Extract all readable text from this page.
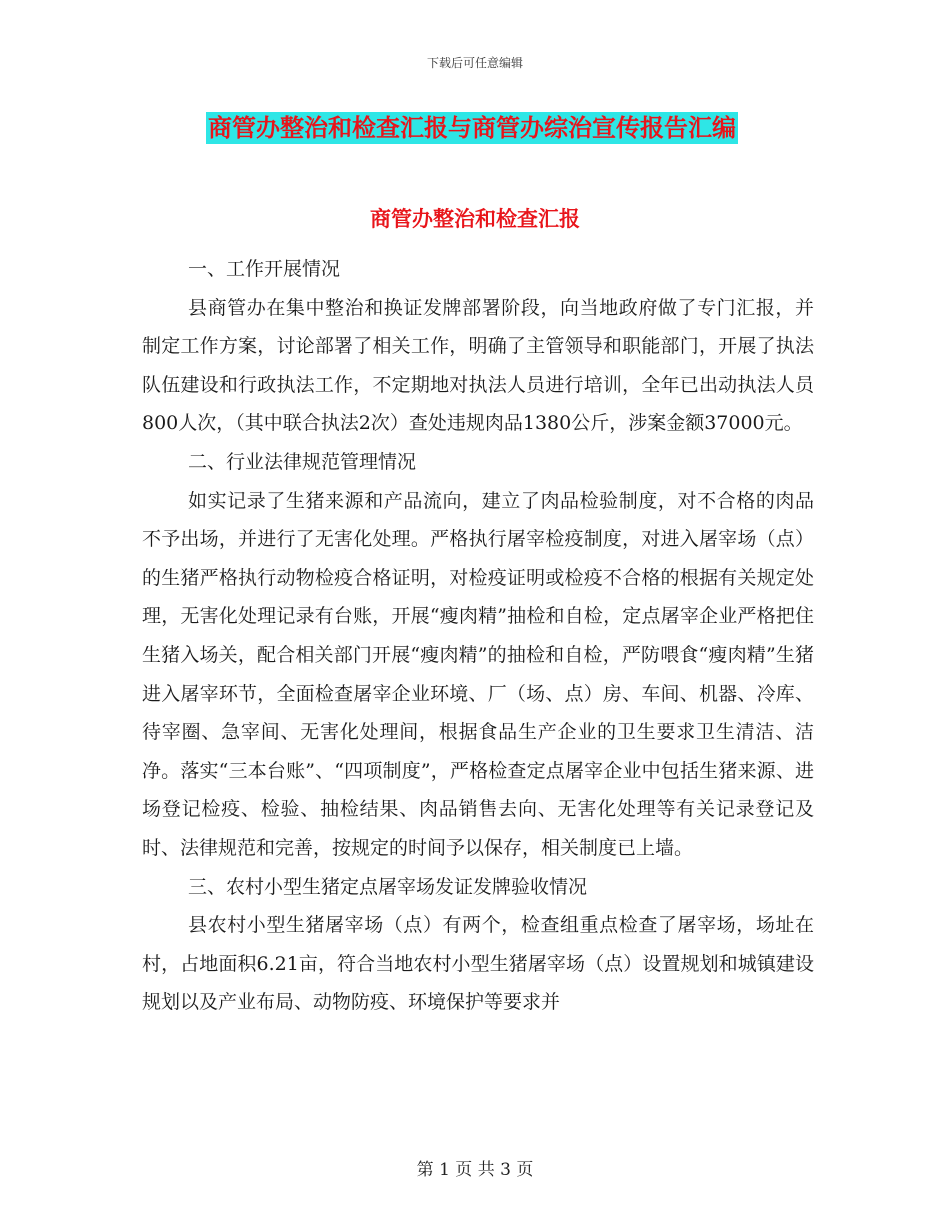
下载后可任意编辑
商管办整治和检查汇报与商管办综治宣传报告汇编
商管办整治和检查汇报

一、工作开展情况

县商管办在集中整治和换证发牌部署阶段，向当地政府做了专门汇报，并制定工作方案，讨论部署了相关工作，明确了主管领导和职能部门，开展了执法队伍建设和行政执法工作，不定期地对执法人员进行培训，全年已出动执法人员800人次，（其中联合执法2次）查处违规肉品1380公斤，涉案金额37000元。

二、行业法律规范管理情况

如实记录了生猪来源和产品流向，建立了肉品检验制度，对不合格的肉品不予出场，并进行了无害化处理。严格执行屠宰检疫制度，对进入屠宰场（点）的生猪严格执行动物检疫合格证明，对检疫证明或检疫不合格的根据有关规定处理，无害化处理记录有台账，开展“瘦肉精”抽检和自检，定点屠宰企业严格把住生猪入场关，配合相关部门开展“瘦肉精”的抽检和自检，严防喂食“瘦肉精”生猪进入屠宰环节，全面检查屠宰企业环境、厂（场、点）房、车间、机器、冷库、待宰圈、急宰间、无害化处理间，根据食品生产企业的卫生要求卫生清洁、洁净。落实“三本台账”、“四项制度”，严格检查定点屠宰企业中包括生猪来源、进场登记检疫、检验、抽检结果、肉品销售去向、无害化处理等有关记录登记及时、法律规范和完善，按规定的时间予以保存，相关制度已上墙。

三、农村小型生猪定点屠宰场发证发牌验收情况

县农村小型生猪屠宰场（点）有两个，检查组重点检查了屠宰场，场址在村，占地面积6.21亩，符合当地农村小型生猪屠宰场（点）设置规划和城镇建设规划以及产业布局、动物防疫、环境保护等要求并

第 1 页 共 3 页
